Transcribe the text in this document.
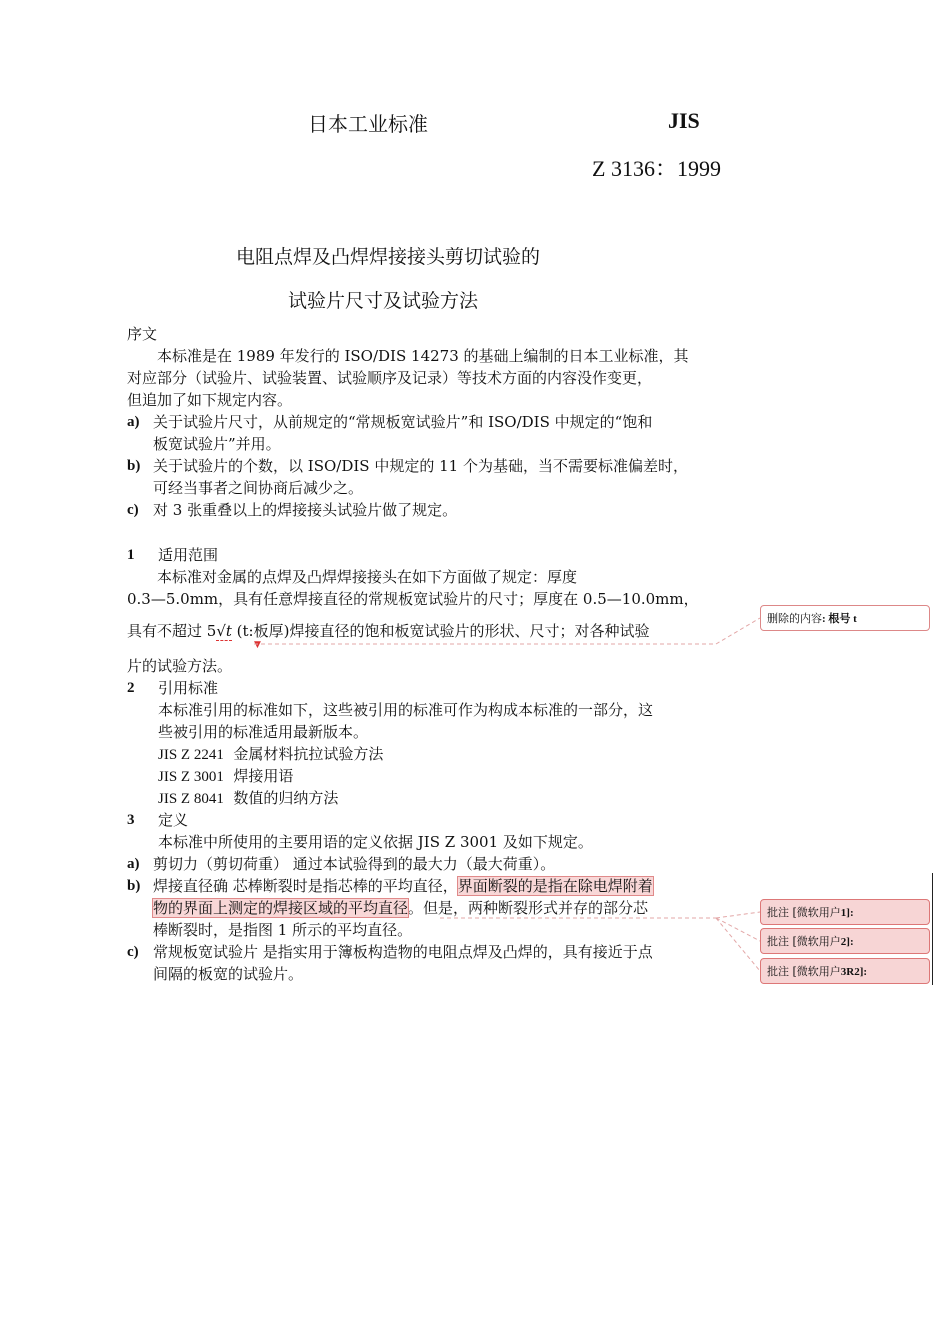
日本工业标准	JIS
Z 3136：1999
电阻点焊及凸焊焊接接头剪切试验的
试验片尺寸及试验方法
序文
　　本标准是在 1989 年发行的 ISO/DIS 14273 的基础上编制的日本工业标准，其
对应部分（试验片、试验装置、试验顺序及记录）等技术方面的内容没作变更，
但追加了如下规定内容。
a) 关于试验片尺寸，从前规定的“常规板宽试验片”和 ISO/DIS 中规定的“饱和
板宽试验片”并用。
b) 关于试验片的个数，以 ISO/DIS 中规定的 11 个为基础，当不需要标准偏差时，
可经当事者之间协商后减少之。
c) 对 3 张重叠以上的焊接接头试验片做了规定。
1 适用范围
　　本标准对金属的点焊及凸焊焊接接头在如下方面做了规定：厚度
0.3—5.0mm，具有任意焊接直径的常规板宽试验片的尺寸；厚度在 0.5—10.0mm，
具有不超过 5√t (t:板厚)焊接直径的饱和板宽试验片的形状、尺寸；对各种试验
▼
片的试验方法。
2 引用标准
本标准引用的标准如下，这些被引用的标准可作为构成本标准的一部分，这
些被引用的标准适用最新版本。
JIS Z 2241 金属材料抗拉试验方法
JIS Z 3001 焊接用语
JIS Z 8041 数值的归纳方法
3 定义
本标准中所使用的主要用语的定义依据 JIS Z 3001 及如下规定。
a) 剪切力（剪切荷重） 通过本试验得到的最大力（最大荷重）。
b) 焊接直径确 芯棒断裂时是指芯棒的平均直径，界面断裂的是指在除电焊附着
物的界面上测定的焊接区域的平均直径。但是，两种断裂形式并存的部分芯
棒断裂时，是指图 1 所示的平均直径。
c) 常规板宽试验片 是指实用于簿板构造物的电阻点焊及凸焊的，具有接近于点
间隔的板宽的试验片。
删除的内容: 根号 t
批注 [微软用户1]:
批注 [微软用户2]:
批注 [微软用户3R2]:
